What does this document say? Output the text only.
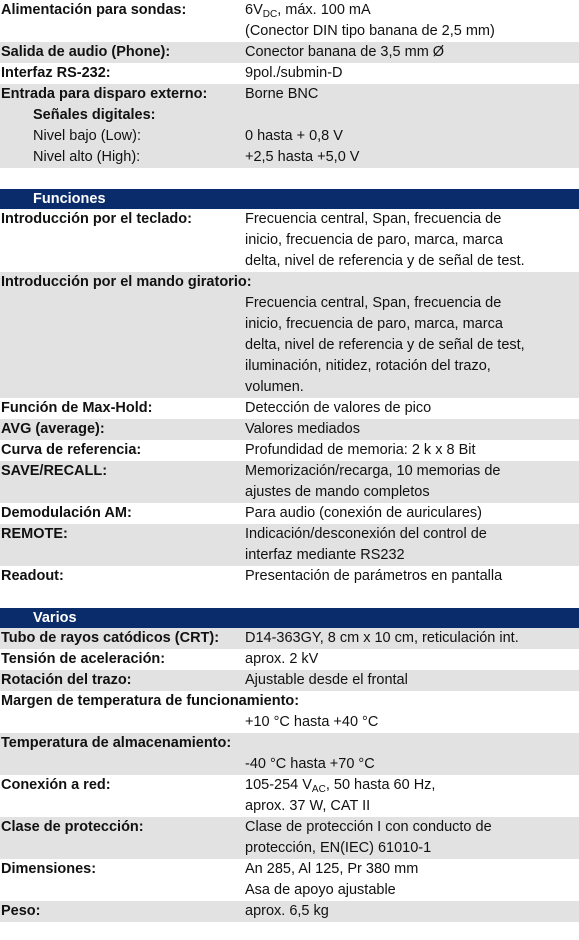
Alimentación para sondas:	$6V_{DC}$, máx. 100 mA
(Conector DIN tipo banana de 2,5 mm)
Salida de audio (Phone):	Conector banana de 3,5 mm Ø
Interfaz RS-232:	9pol./submin-D
Entrada para disparo externo:	Borne BNC
Señales digitales:
Nivel bajo (Low):	0 hasta + 0,8 V
Nivel alto (High):	+2,5 hasta +5,0 V
Funciones
Introducción por el teclado:	Frecuencia central, Span, frecuencia de
inicio, frecuencia de paro, marca, marca
delta, nivel de referencia y de señal de test.
Introducción por el mando giratorio:
Frecuencia central, Span, frecuencia de
inicio, frecuencia de paro, marca, marca
delta, nivel de referencia y de señal de test,
iluminación, nitidez, rotación del trazo,
volumen.
Función de Max-Hold:	Detección de valores de pico
AVG (average):	Valores mediados
Curva de referencia:	Profundidad de memoria: 2 k x 8 Bit
SAVE/RECALL:	Memorización/recarga, 10 memorias de
ajustes de mando completos
Demodulación AM:	Para audio (conexión de auriculares)
REMOTE:	Indicación/desconexión del control de
interfaz mediante RS232
Readout:	Presentación de parámetros en pantalla
Varios
Tubo de rayos catódicos (CRT):	D14-363GY, 8 cm x 10 cm, reticulación int.
Tensión de aceleración:	aprox. 2 kV
Rotación del trazo:	Ajustable desde el frontal
Margen de temperatura de funcionamiento:
+10 °C hasta +40 °C
Temperatura de almacenamiento:
-40 °C hasta +70 °C
Conexión a red:	105-254 $V_{AC}$, 50 hasta 60 Hz,
aprox. 37 W, CAT II
Clase de protección:	Clase de protección I con conducto de
protección, EN(IEC) 61010-1
Dimensiones:	An 285, Al 125, Pr 380 mm
Asa de apoyo ajustable
Peso:	aprox. 6,5 kg
